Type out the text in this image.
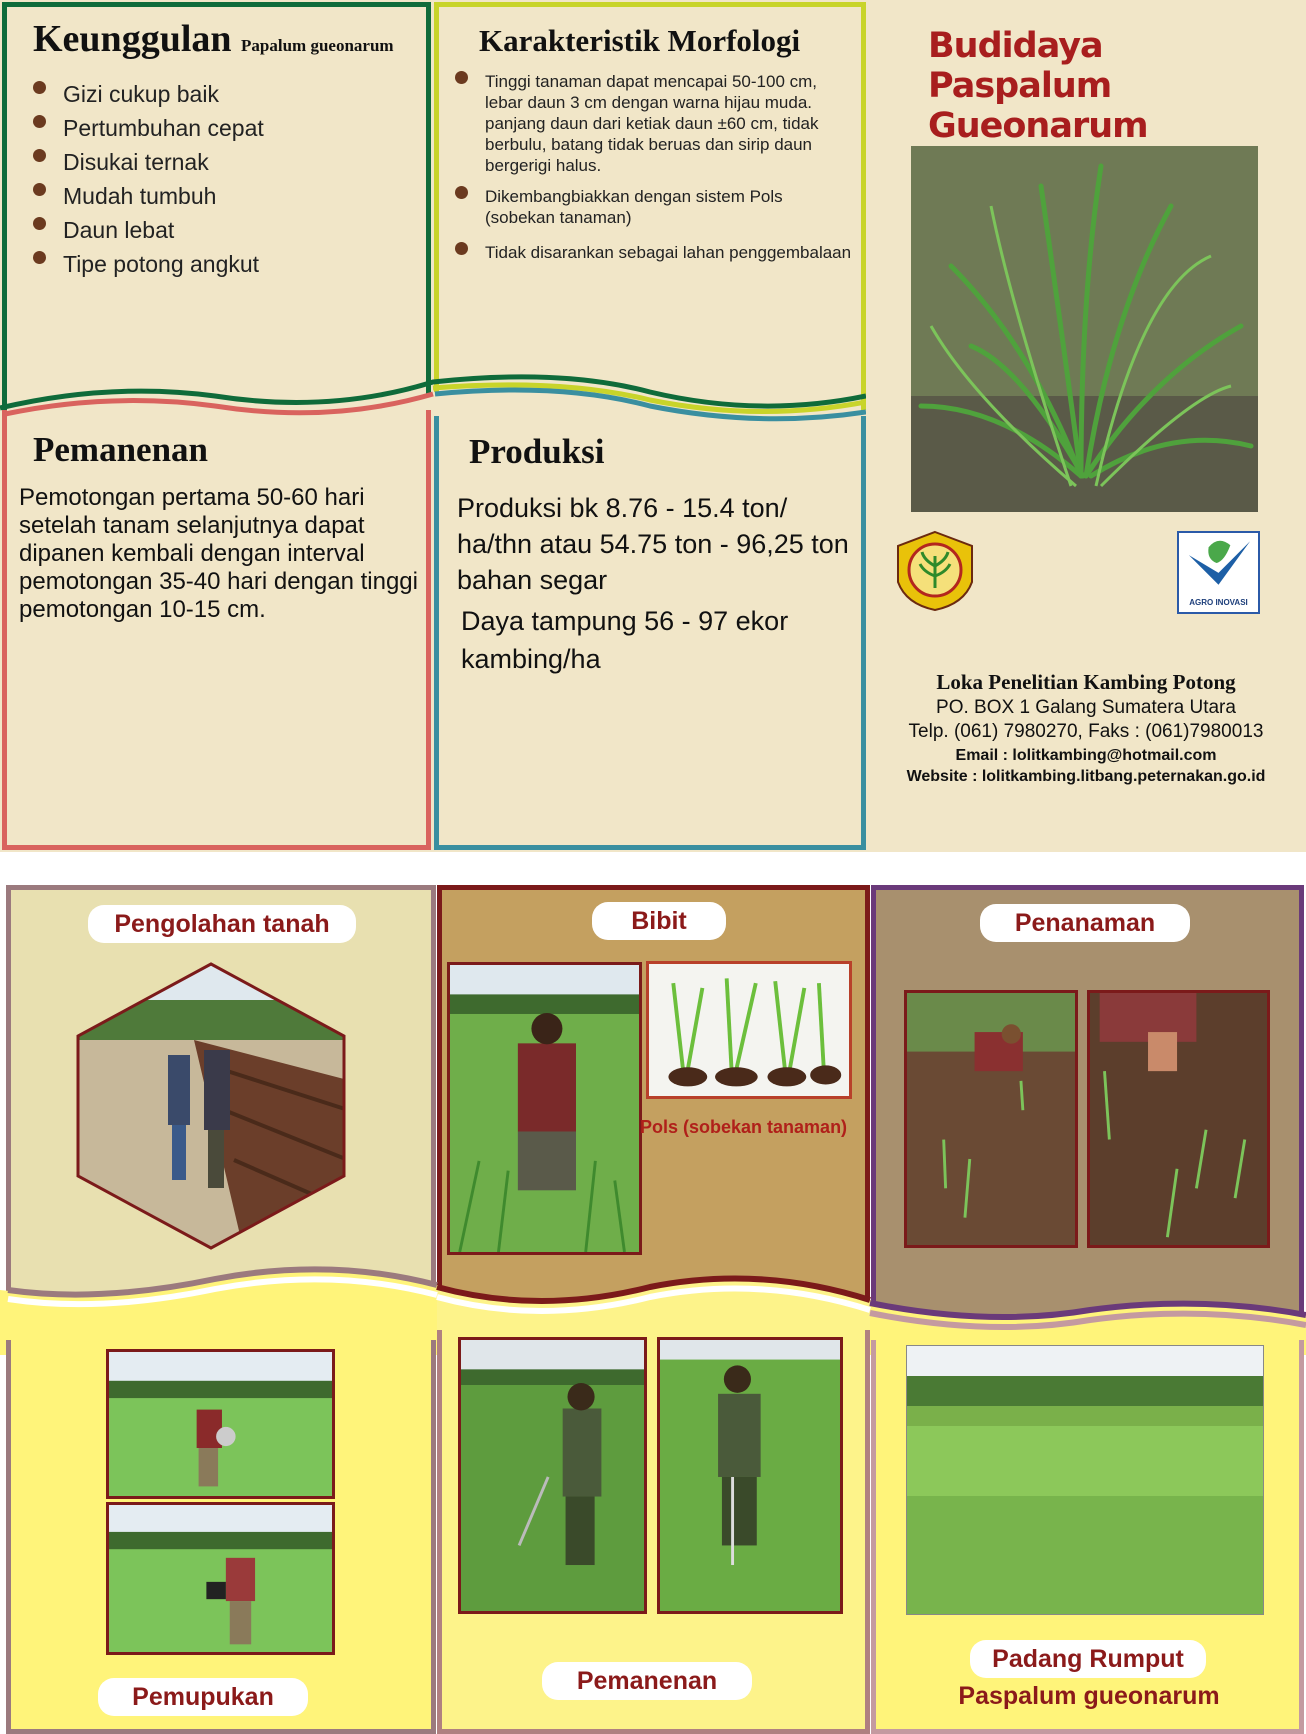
Keunggulan Papalum gueonarum
Gizi cukup baik
Pertumbuhan cepat
Disukai ternak
Mudah tumbuh
Daun lebat
Tipe potong angkut
Karakteristik Morfologi
Tinggi tanaman dapat mencapai 50-100 cm, lebar daun 3 cm dengan warna hijau muda. panjang daun dari ketiak daun ±60 cm, tidak berbulu, batang tidak beruas dan sirip daun bergerigi halus.
Dikembangbiakkan dengan sistem Pols (sobekan tanaman)
Tidak disarankan sebagai lahan penggembalaan
Budidaya
Paspalum Gueonarum
AGRO INOVASI
Loka Penelitian Kambing Potong
PO. BOX 1 Galang Sumatera Utara
Telp. (061) 7980270, Faks : (061)7980013
Email : lolitkambing@hotmail.com
Website : lolitkambing.litbang.peternakan.go.id
Pemanenan
Pemotongan pertama 50-60 hari setelah tanam selanjutnya dapat dipanen kembali dengan interval pemotongan 35-40 hari dengan tinggi pemotongan 10-15 cm.
Produksi
Produksi bk 8.76 - 15.4 ton/ ha/thn atau 54.75 ton - 96,25 ton bahan segar
Daya tampung 56 - 97 ekor kambing/ha
Pengolahan tanah	Bibit
Pols (sobekan tanaman)
Penanaman
Pemupukan
Pemanenan
Padang Rumput
Paspalum gueonarum
